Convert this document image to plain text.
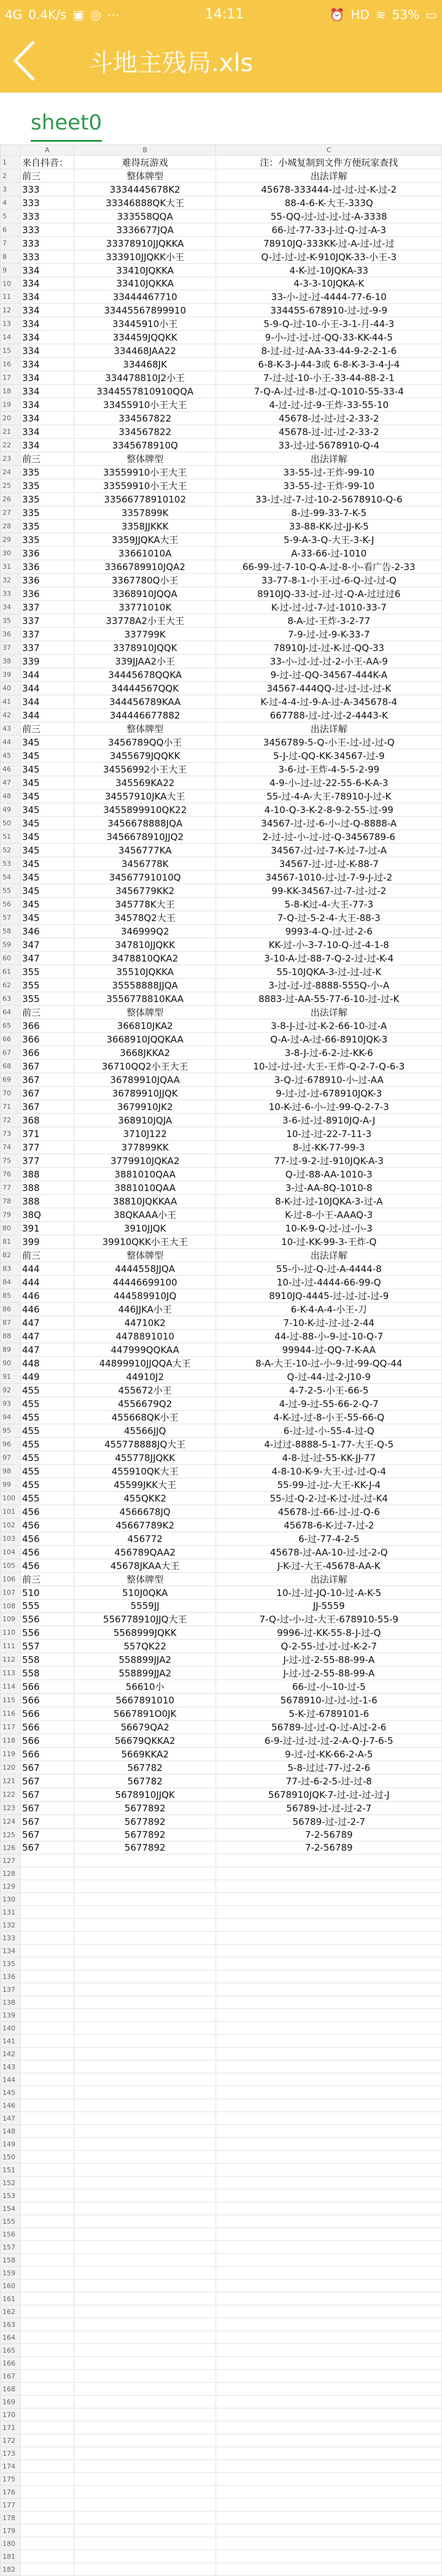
4G 0.4K/s ▣ ◎ ⋯	14:11	⏰ HD ≋ 53% ▭
斗地主残局.xls
sheet0
	A	B	C
1	来自抖音：	难得玩游戏	注：小城复制到文件方便玩家查找
2	前三	整体牌型	出法详解
3	333	3334445678K2	45678-333444-过-过-过-K-过-2
4	333	33346888QK大王	88-4-6-K-大王-333Q
5	333	333558QQA	55-QQ-过-过-过-过-A-3338
6	333	3336677JQA	66-过-77-33-J-过-Q-过-A-3
7	333	33378910JJQKKA	78910JQ-333KK-过-A-过-过-过
8	333	333910JJQKK小王	Q-过-过-过-K-910JQK-33-小王-3
9	334	33410JQKKA	4-K-过-10JQKA-33
10	334	33410JQKKA	4-3-3-10JQKA-K
11	334	33444467710	33-小-过-过-4444-77-6-10
12	334	33445567899910	334455-678910-过-过-9-9
13	334	33445910小王	5-9-Q-过-10-小王-3-1-月-44-3
14	334	334459JQQKK	9-小-过-过-过-QQ-33-KK-44-5
15	334	334468JAA22	8-过-过-过-AA-33-44-9-2-2-1-6
16	334	334468JK	6-8-K-3-J-44-3或 6-8-K-3-3-4-J-4
17	334	334478810J2小王	7-过-过-10-小王-33-44-88-2-1
18	334	3344557810910QQA	7-Q-A-过-过-8-过-Q-1010-55-33-4
19	334	33455910小王大王	4-过-过-过-9-王炸-33-55-10
20	334	334567822	45678-过-过-过-2-33-2
21	334	334567822	45678-过-过-过-2-33-2
22	334	3345678910Q	33-过-过-5678910-Q-4
23	前三	整体牌型	出法详解
24	335	33559910小王大王	33-55-过-王炸-99-10
25	335	33559910小王大王	33-55-过-王炸-99-10
26	335	33566778910102	33-过-过-7-过-10-2-5678910-Q-6
27	335	3357899K	8-过-99-33-7-K-5
28	335	3358JJKKK	33-88-KK-过-JJ-K-5
29	335	3359JJQKA大王	5-9-A-3-Q-大王-3-K-J
30	336	33661010A	A-33-66-过-1010
31	336	3366789910JQA2	66-99-过-7-10-Q-A-过-8-小-看广告-2-33
32	336	3367780Q小王	33-77-8-1-小王-过-6-Q-过-过-Q
33	336	3368910JQQA	8910JQ-33-过-过-过-Q-A-过过过6
34	337	33771010K	K-过-过-过-7-过-1010-33-7
35	337	33778A2小王大王	8-A-过-王炸-3-2-77
36	337	337799K	7-9-过-过-9-K-33-7
37	337	3378910JQQK	78910J-过-过-K-过-QQ-33
38	339	339JJAA2小王	33-小-过-过-过-2-小王-AA-9
39	344	34445678QQKA	9-过-过-QQ-34567-444K-A
40	344	34444567QQK	34567-444QQ-过-过-过-过-K
41	344	344456789KAA	K-过-4-4-过-9-A-过-A-345678-4
42	344	344446677882	667788-过-过-过-2-4443-K
43	前三	整体牌型	出法详解
44	345	3456789QQ小王	3456789-5-Q-小王-过-过-过-Q
45	345	3455679JQQKK	5-J-过-QQ-KK-34567-过-9
46	345	34556992小王大王	3-6-过-王炸-4-5-5-2-99
47	345	345569KA22	4-9-小-过-过-22-55-6-K-A-3
48	345	34557910JKA大王	55-过-4-A-大王-78910-J-过-K
49	345	3455899910QK22	4-10-Q-3-K-2-8-9-2-55-过-99
50	345	3456678888JQA	34567-过-过-6-小-过-Q-8888-A
51	345	3456678910JJQ2	2-过-过-小-过-过-Q-3456789-6
52	345	3456777KA	34567-过-过-7-K-过-7-过-A
53	345	3456778K	34567-过-过-过-K-88-7
54	345	34567791010Q	34567-1010-过-过-7-9-J-过-2
55	345	3456779KK2	99-KK-34567-过-7-过-过-2
56	345	345778K大王	5-8-K过-4-大王-77-3
57	345	34578Q2大王	7-Q-过-5-2-4-大王-88-3
58	346	346999Q2	9993-4-Q-过-过-2-6
59	347	347810JJQKK	KK-过-小-3-7-10-Q-过-4-1-8
60	347	3478810QKA2	3-10-A-过-88-7-Q-2-过-过-K-4
61	355	35510JQKKA	55-10JQKA-3-过-过-过-K
62	355	35558888JJQA	3-过-过-过-8888-555Q-小-A
63	355	3556778810KAA	8883-过-AA-55-77-6-10-过-过-K
64	前三	整体牌型	出法详解
65	366	366810JKA2	3-8-J-过-过-K-2-66-10-过-A
66	366	3668910JQQKAA	Q-A-过-A-过-66-8910JQK-3
67	366	3668JKKA2	3-8-J-过-6-2-过-KK-6
68	367	36710QQ2小王大王	10-过-过-过-大王-王炸-Q-2-7-Q-6-3
69	367	36789910JQAA	3-Q-过-678910-小-过-AA
70	367	36789910JJQK	9-过-过-过-678910JQK-3
71	367	3679910JK2	10-K-过-6-小-过-99-Q-2-7-3
72	368	368910JQJA	3-6-过-过-8910JQ-A-J
73	371	3710J122	10-过-过-22-7-11-3
74	377	377899KK	8-过-KK-77-99-3
75	377	3779910JQKA2	77-过-9-2-过-910JQK-A-3
76	388	3881010QAA	Q-过-88-AA-1010-3
77	388	3881010QAA	3-过-AA-8Q-1010-8
78	388	38810JQKKAA	8-K-过-过-10JQKA-3-过-A
79	38Q	38QKAAA小王	K-过-8-小王-AAAQ-3
80	391	3910JJQK	10-K-9-Q-过-过-小-3
81	399	39910QKK小王大王	10-过-KK-99-3-王炸-Q
82	前三	整体牌型	出法详解
83	444	4444558JJQA	55-小-过-Q-过-A-4444-8
84	444	44446699100	10-过-过-4444-66-99-Q
85	446	444589910JQ	8910JQ-4445-过-过-过-过-9
86	446	446JJKA小王	6-K-4-A-4-小王-刀
87	447	44710K2	7-10-K-过-过-过-2-44
88	447	4478891010	44-过-88-小-9-过-10-Q-7
89	447	447999QQKAA	99944-过-QQ-7-K-AA
90	448	44899910JJQQA大王	8-A-大王-10-过-小-9-过-99-QQ-44
91	449	44910J2	Q-过-44-过-2-J10-9
92	455	455672小王	4-7-2-5-小王-66-5
93	455	4556679Q2	4-过-9-过-55-66-2-Q-7
94	455	455668QK小王	4-K-过-过-8-小王-55-66-Q
95	455	45566JJQ	6-过-过-小-55-4-过-Q
96	455	455778888JQ大王	4-过过-8888-5-1-77-大王-Q-5
97	455	455778JJQKK	4-8-过-过-55-KK-JJ-77
98	455	455910QK大王	4-8-10-K-9-大王-过-过-Q-4
99	455	45599JKK大王	55-99-过-过-大王-KK-J-4
100	455	455QKK2	55-过-Q-2-过-K-过-过-过-K4
101	456	4566678JQ	45678-过-66-过-过-Q-6
102	456	45667789K2	45678-6-K-过-7-过-2
103	456	456772	6-过-77-4-2-5
104	456	456789QAA2	45678-过-AA-10-过-过-2-Q
105	456	45678JKAA大王	J-K-过-大王-45678-AA-K
106	前三	整体牌型	出法详解
107	510	510J0QKA	10-过-过-JQ-10-过-A-K-5
108	555	5559JJ	JJ-5559
109	556	556778910JJQ大王	7-Q-过-小-过-大王-678910-55-9
110	556	5568999JQKK	9996-过-KK-55-8-J-过-Q
111	557	557QK22	Q-2-55-过-过-过-K-2-7
112	558	558899JJA2	J-过-过-2-55-88-99-A
113	558	558899JJA2	J-过-过-2-55-88-99-A
114	566	56610小	66-过-小-10-过-5
115	566	5667891010	5678910-过-过-过-1-6
116	566	5667891O0JK	5-K-过-6789101-6
117	566	56679QA2	56789-过-过-Q-过-A过-2-6
118	566	56679QKKA2	6-9-过-过-过-过-2-A-Q-J-7-6-5
119	566	5669KKA2	9-过-过-KK-66-2-A-5
120	567	567782	5-8-过过-77-过-2-6
121	567	567782	77-过-6-2-5-过-过-8
122	567	5678910JJQK	5678910JQK-7-过-过-过-过-J
123	567	5677892	56789-过-过-过-2-7
124	567	5677892	56789-过-过-2-7
125	567	5677892	7-2-56789
126	567	5677892	7-2-56789
127			
128			
129			
130			
131			
132			
133			
134			
135			
136			
137			
138			
139			
140			
141			
142			
143			
144			
145			
146			
147			
148			
149			
150			
151			
152			
153			
154			
155			
156			
157			
158			
159			
160			
161			
162			
163			
164			
165			
166			
167			
168			
169			
170			
171			
172			
173			
174			
175			
176			
177			
178			
179			
180			
181			
182			
